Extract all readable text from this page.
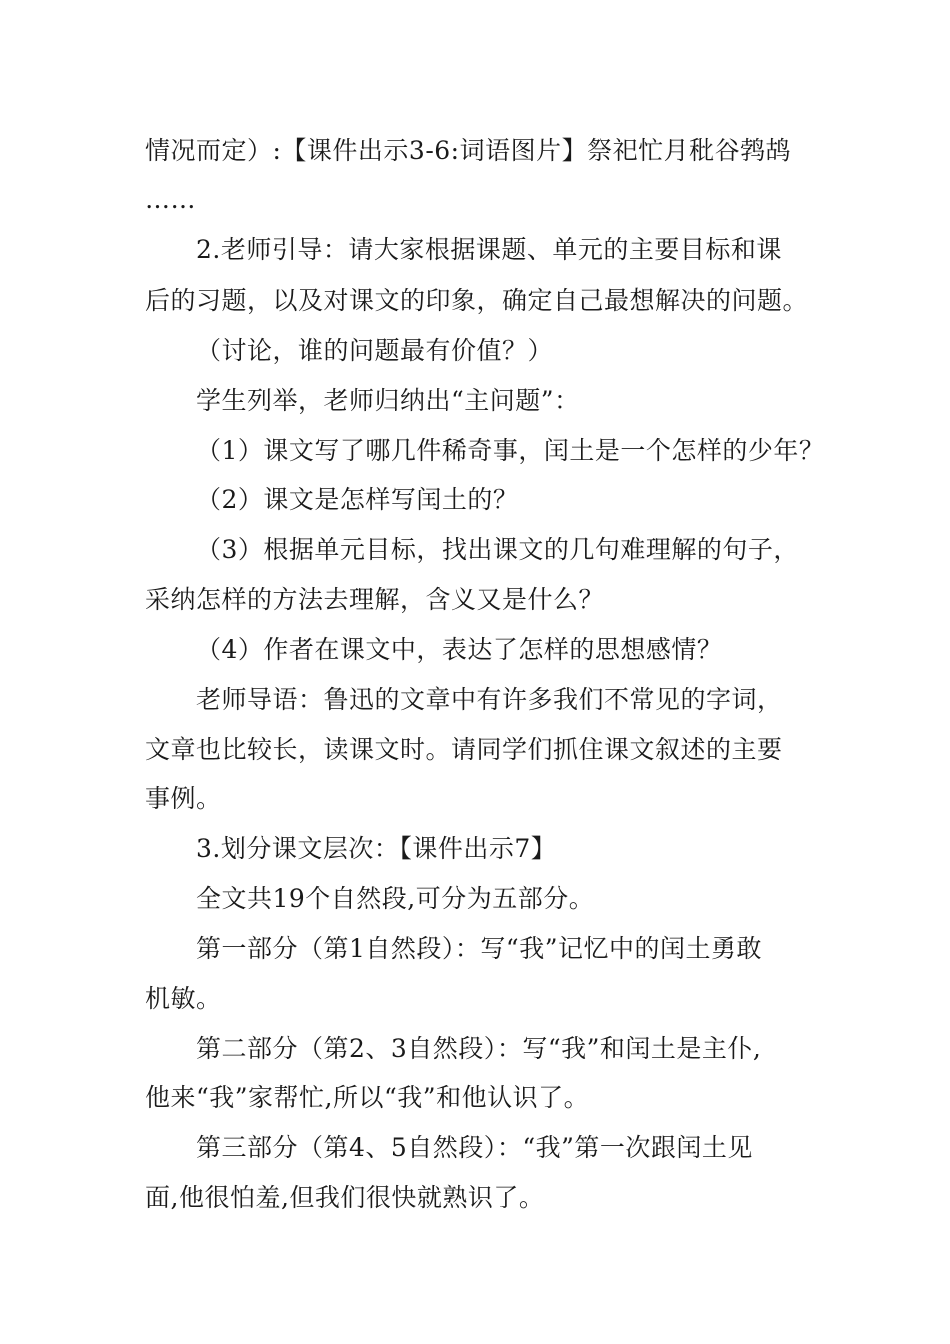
情况而定）:【课件出示3-6:词语图片】祭祀忙月秕谷鹁鸪
……
2.老师引导：请大家根据课题、单元的主要目标和课
后的习题，以及对课文的印象，确定自己最想解决的问题。
（讨论，谁的问题最有价值？）
学生列举，老师归纳出“主问题”：
（1）课文写了哪几件稀奇事，闰土是一个怎样的少年？
（2）课文是怎样写闰土的？
（3）根据单元目标，找出课文的几句难理解的句子，
采纳怎样的方法去理解，含义又是什么？
（4）作者在课文中，表达了怎样的思想感情？
老师导语：鲁迅的文章中有许多我们不常见的字词，
文章也比较长，读课文时。请同学们抓住课文叙述的主要
事例。
3.划分课文层次：【课件出示7】
全文共19个自然段,可分为五部分。
第一部分（第1自然段）：写“我”记忆中的闰土勇敢
机敏。
第二部分（第2、3自然段）：写“我”和闰土是主仆,
他来“我”家帮忙,所以“我”和他认识了。
第三部分（第4、5自然段）：“我”第一次跟闰土见
面,他很怕羞,但我们很快就熟识了。
